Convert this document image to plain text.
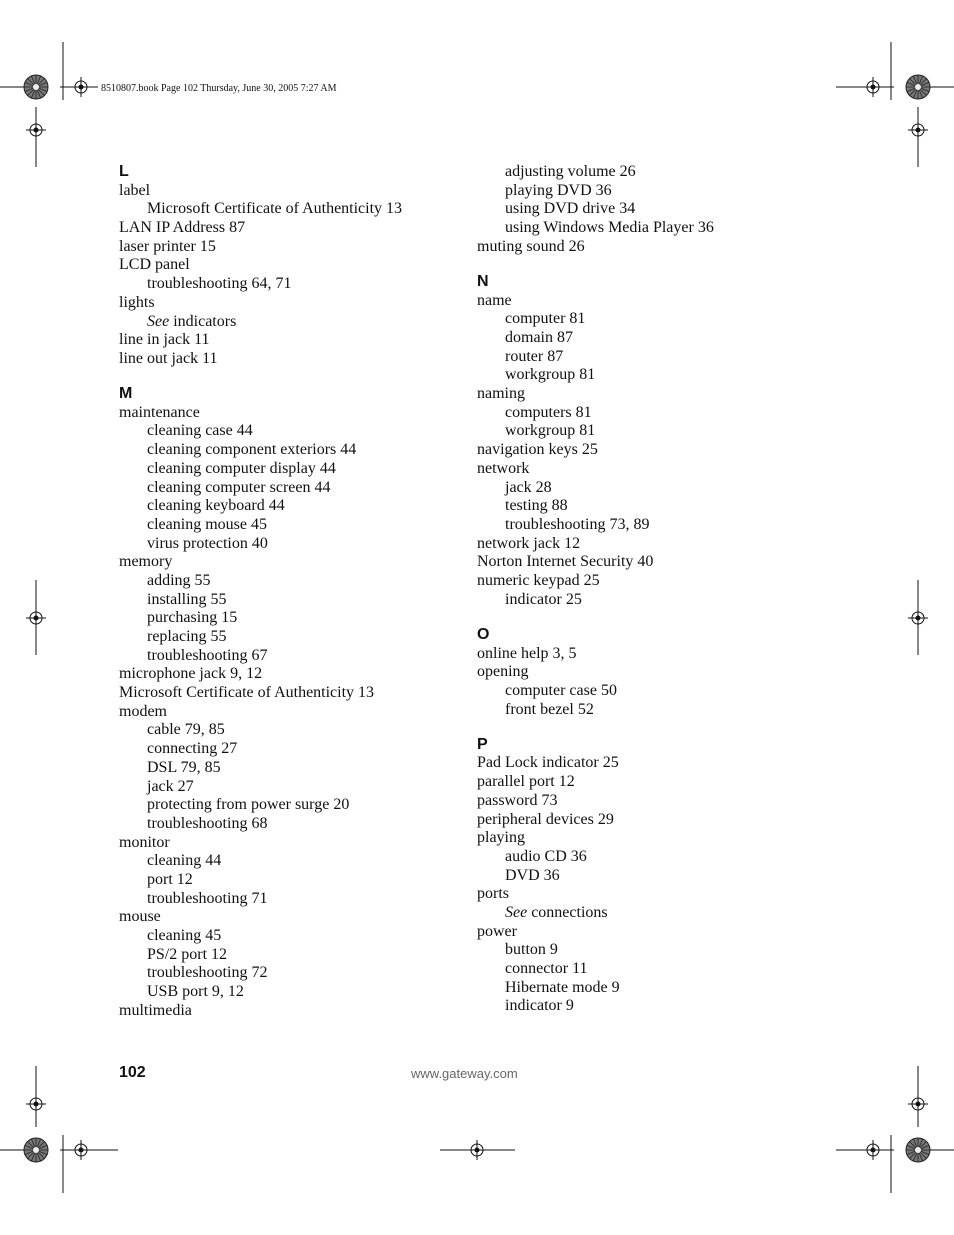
8510807.book Page 102 Thursday, June 30, 2005 7:27 AM
L
label
Microsoft Certificate of Authenticity 13
LAN IP Address 87
laser printer 15
LCD panel
troubleshooting 64, 71
lights
See indicators
line in jack 11
line out jack 11
M
maintenance
cleaning case 44
cleaning component exteriors 44
cleaning computer display 44
cleaning computer screen 44
cleaning keyboard 44
cleaning mouse 45
virus protection 40
memory
adding 55
installing 55
purchasing 15
replacing 55
troubleshooting 67
microphone jack 9, 12
Microsoft Certificate of Authenticity 13
modem
cable 79, 85
connecting 27
DSL 79, 85
jack 27
protecting from power surge 20
troubleshooting 68
monitor
cleaning 44
port 12
troubleshooting 71
mouse
cleaning 45
PS/2 port 12
troubleshooting 72
USB port 9, 12
multimedia
adjusting volume 26
playing DVD 36
using DVD drive 34
using Windows Media Player 36
muting sound 26
N
name
computer 81
domain 87
router 87
workgroup 81
naming
computers 81
workgroup 81
navigation keys 25
network
jack 28
testing 88
troubleshooting 73, 89
network jack 12
Norton Internet Security 40
numeric keypad 25
indicator 25
O
online help 3, 5
opening
computer case 50
front bezel 52
P
Pad Lock indicator 25
parallel port 12
password 73
peripheral devices 29
playing
audio CD 36
DVD 36
ports
See connections
power
button 9
connector 11
Hibernate mode 9
indicator 9
102	www.gateway.com
